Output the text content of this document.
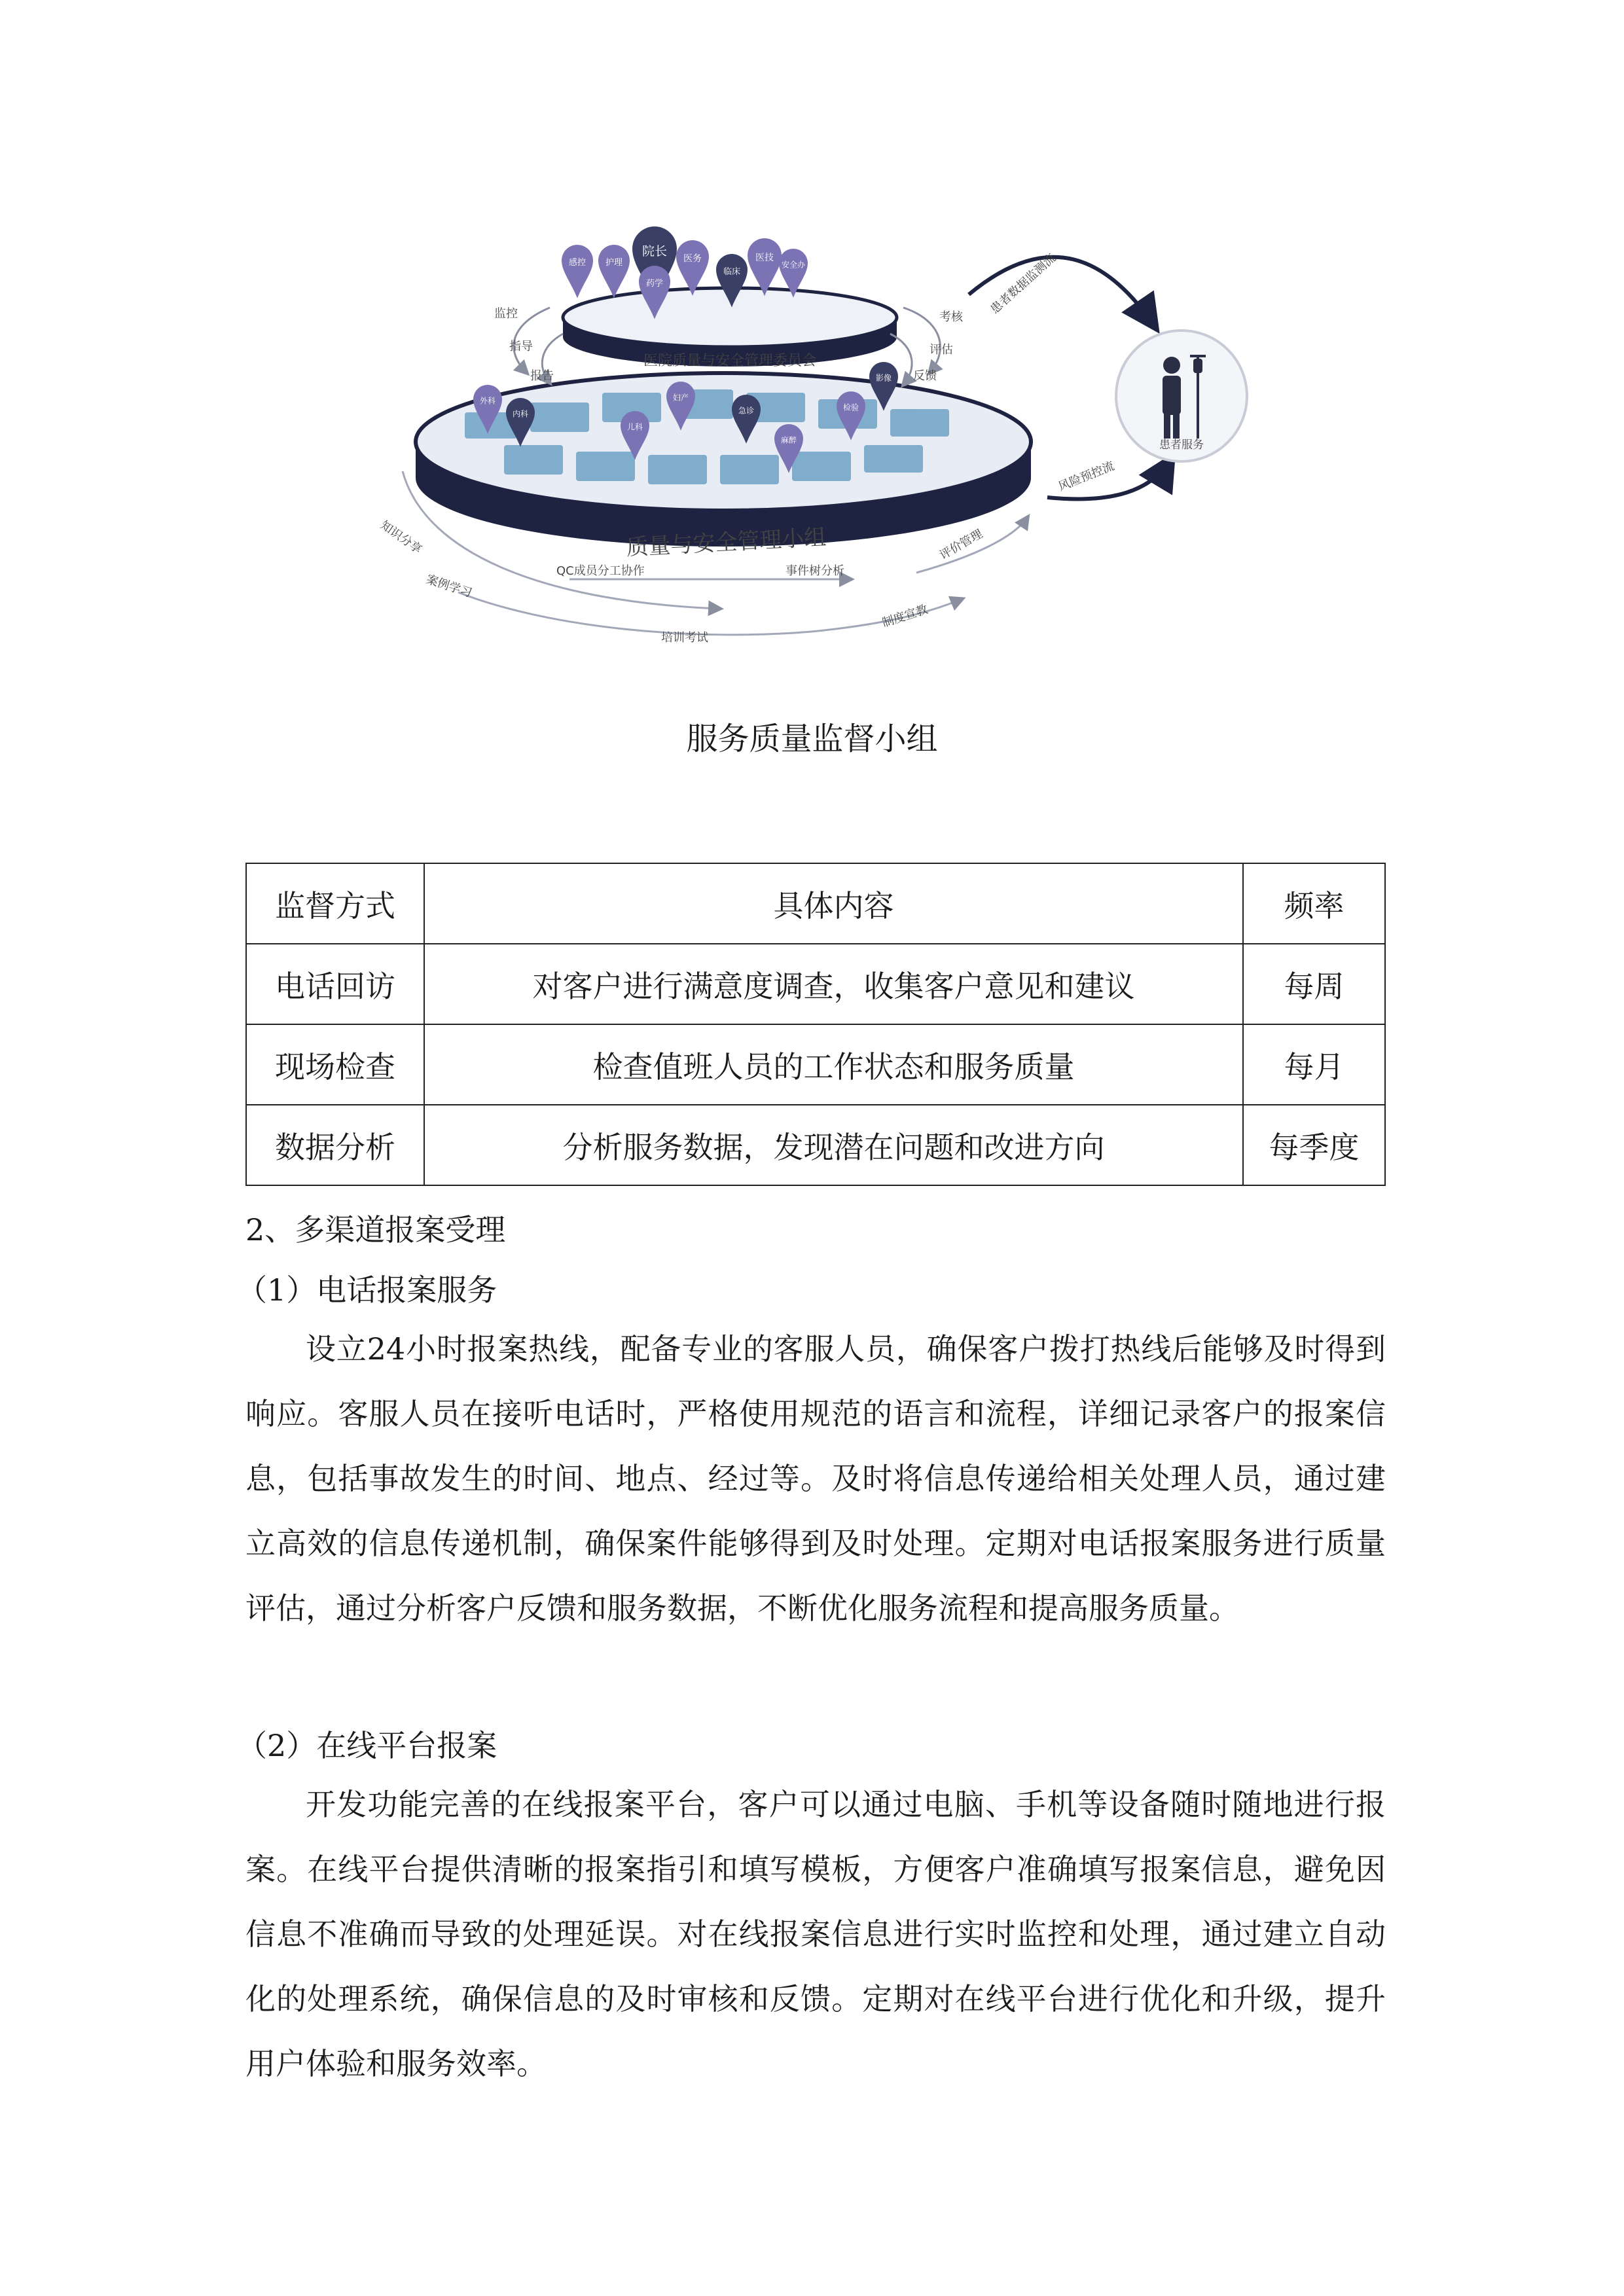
质量与安全管理小组
医院质量与安全管理委员会
感控 护理
院长
医务
药学
临床
医技
安全办
外科
内科
儿科
妇产
急诊
麻醉
检验
影像
监控
指导
报告
考核
评估
反馈
患者数据监测流
风险预控流
患者服务
知识分享
案例学习
QC成员分工协作
培训考试
事件树分析
制度宣教
评价管理
服务质量监督小组
监督方式	具体内容	频率
电话回访	对客户进行满意度调查，收集客户意见和建议	每周
现场检查	检查值班人员的工作状态和服务质量	每月
数据分析	分析服务数据，发现潜在问题和改进方向	每季度
2、多渠道报案受理
（1）电话报案服务
设立24小时报案热线，配备专业的客服人员，确保客户拨打热线后能够及时得到响应。客服人员在接听电话时，严格使用规范的语言和流程，详细记录客户的报案信息，包括事故发生的时间、地点、经过等。及时将信息传递给相关处理人员，通过建立高效的信息传递机制，确保案件能够得到及时处理。定期对电话报案服务进行质量评估，通过分析客户反馈和服务数据，不断优化服务流程和提高服务质量。
（2）在线平台报案
开发功能完善的在线报案平台，客户可以通过电脑、手机等设备随时随地进行报案。在线平台提供清晰的报案指引和填写模板，方便客户准确填写报案信息，避免因信息不准确而导致的处理延误。对在线报案信息进行实时监控和处理，通过建立自动化的处理系统，确保信息的及时审核和反馈。定期对在线平台进行优化和升级，提升用户体验和服务效率。
